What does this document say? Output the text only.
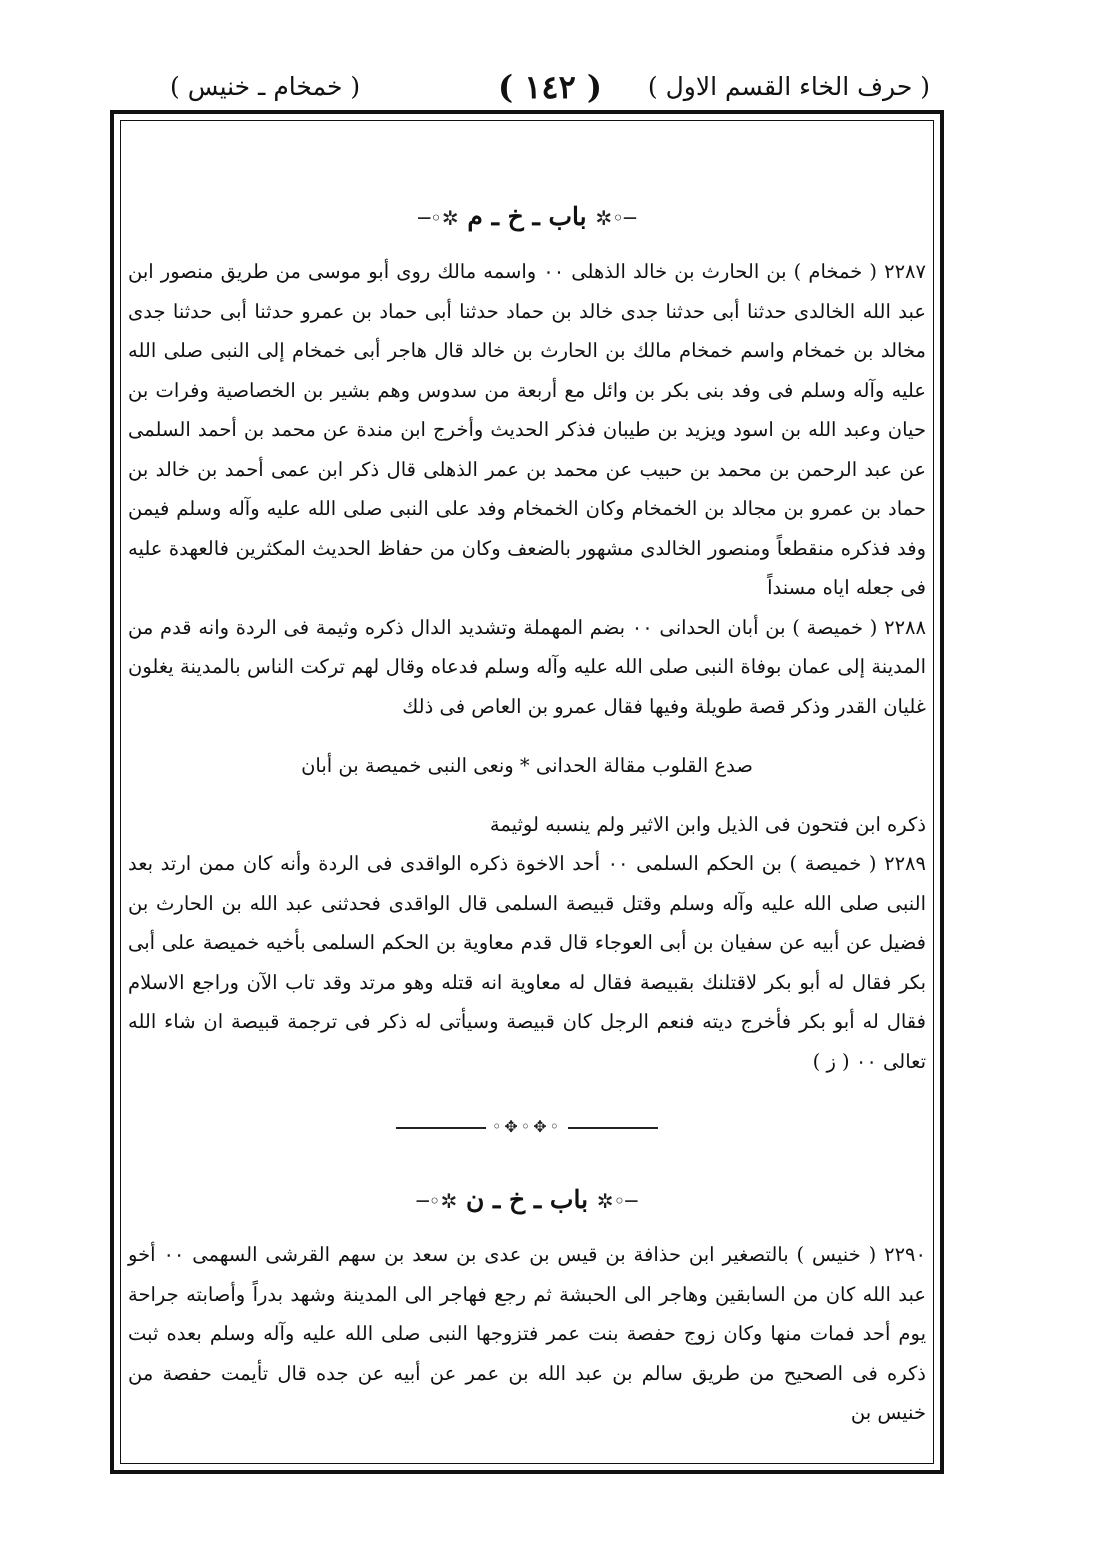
( حرف الخاء القسم الاول )
( ١٤٢ )
( خمخام ـ خنيس )
─◦✲ باب ـ خ ـ م ✲◦─

٢٢٨٧ ( خمخام ) بن الحارث بن خالد الذهلى ٠٠ واسمه مالك روى أبو موسى من طريق منصور ابن عبد الله الخالدى حدثنا أبى حدثنا جدى خالد بن حماد حدثنا أبى حماد بن عمرو حدثنا أبى حدثنا جدى مخالد بن خمخام واسم خمخام مالك بن الحارث بن خالد قال هاجر أبى خمخام إلى النبى صلى الله عليه وآله وسلم فى وفد بنى بكر بن وائل مع أربعة من سدوس وهم بشير بن الخصاصية وفرات بن حيان وعبد الله بن اسود ويزيد بن طيبان فذكر الحديث وأخرج ابن مندة عن محمد بن أحمد السلمى عن عبد الرحمن بن محمد بن حبيب عن محمد بن عمر الذهلى قال ذكر ابن عمى أحمد بن خالد بن حماد بن عمرو بن مجالد بن الخمخام وكان الخمخام وفد على النبى صلى الله عليه وآله وسلم فيمن وفد فذكره منقطعاً ومنصور الخالدى مشهور بالضعف وكان من حفاظ الحديث المكثرين فالعهدة عليه فى جعله اياه مسنداً

٢٢٨٨ ( خميصة ) بن أبان الحدانى ٠٠ بضم المهملة وتشديد الدال ذكره وثيمة فى الردة وانه قدم من المدينة إلى عمان بوفاة النبى صلى الله عليه وآله وسلم فدعاه وقال لهم تركت الناس بالمدينة يغلون غليان القدر وذكر قصة طويلة وفيها فقال عمرو بن العاص فى ذلك

صدع القلوب مقالة الحدانى * ونعى النبى خميصة بن أبان

ذكره ابن فتحون فى الذيل وابن الاثير ولم ينسبه لوثيمة

٢٢٨٩ ( خميصة ) بن الحكم السلمى ٠٠ أحد الاخوة ذكره الواقدى فى الردة وأنه كان ممن ارتد بعد النبى صلى الله عليه وآله وسلم وقتل قبيصة السلمى قال الواقدى فحدثنى عبد الله بن الحارث بن فضيل عن أبيه عن سفيان بن أبى العوجاء قال قدم معاوية بن الحكم السلمى بأخيه خميصة على أبى بكر فقال له أبو بكر لاقتلنك بقبيصة فقال له معاوية انه قتله وهو مرتد وقد تاب الآن وراجع الاسلام فقال له أبو بكر فأخرج ديته فنعم الرجل كان قبيصة وسيأتى له ذكر فى ترجمة قبيصة ان شاء الله تعالى ٠٠ ( ز )

◦✥◦✥◦
─◦✲ باب ـ خ ـ ن ✲◦─

٢٢٩٠ ( خنيس ) بالتصغير ابن حذافة بن قيس بن عدى بن سعد بن سهم القرشى السهمى ٠٠ أخو عبد الله كان من السابقين وهاجر الى الحبشة ثم رجع فهاجر الى المدينة وشهد بدراً وأصابته جراحة يوم أحد فمات منها وكان زوج حفصة بنت عمر فتزوجها النبى صلى الله عليه وآله وسلم بعده ثبت ذكره فى الصحيح من طريق سالم بن عبد الله بن عمر عن أبيه عن جده قال تأيمت حفصة من خنيس بن
